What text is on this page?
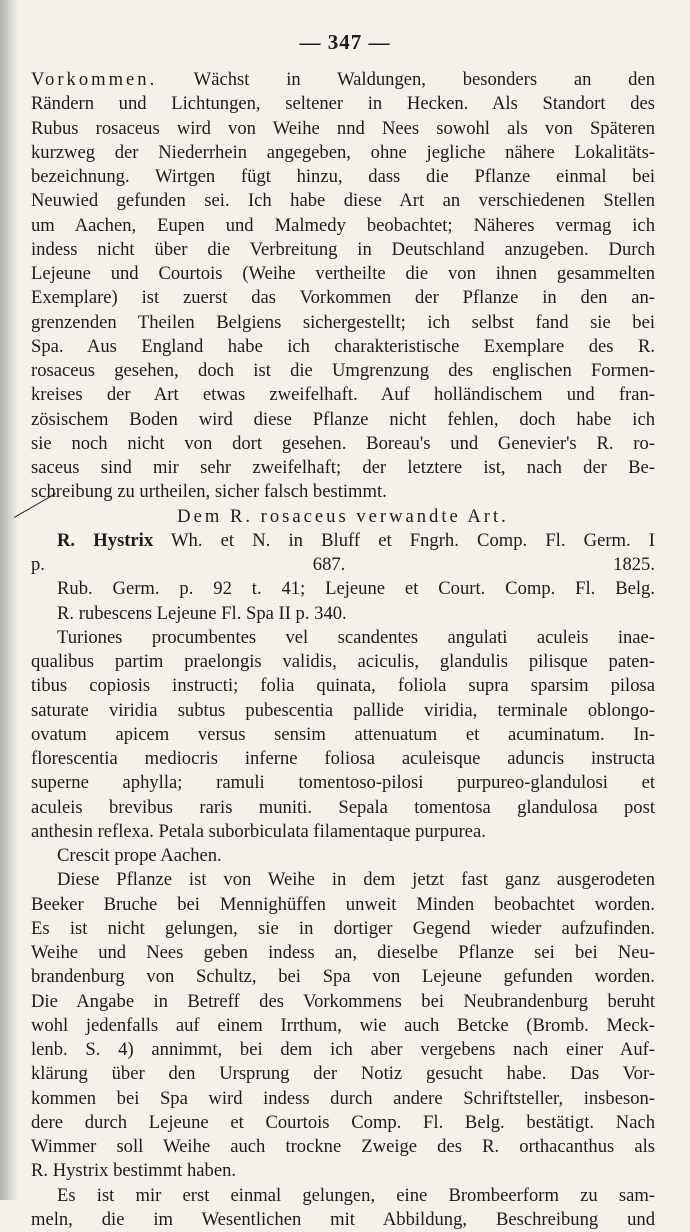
— 347 —
Vorkommen. Wächst in Waldungen, besonders an den
Rändern und Lichtungen, seltener in Hecken. Als Standort des
Rubus rosaceus wird von Weihe nnd Nees sowohl als von Späteren
kurzweg der Niederrhein angegeben, ohne jegliche nähere Lokalitäts-
bezeichnung. Wirtgen fügt hinzu, dass die Pflanze einmal bei
Neuwied gefunden sei. Ich habe diese Art an verschiedenen Stellen
um Aachen, Eupen und Malmedy beobachtet; Näheres vermag ich
indess nicht über die Verbreitung in Deutschland anzugeben. Durch
Lejeune und Courtois (Weihe vertheilte die von ihnen gesammelten
Exemplare) ist zuerst das Vorkommen der Pflanze in den an-
grenzenden Theilen Belgiens sichergestellt; ich selbst fand sie bei
Spa. Aus England habe ich charakteristische Exemplare des R.
rosaceus gesehen, doch ist die Umgrenzung des englischen Formen-
kreises der Art etwas zweifelhaft. Auf holländischem und fran-
zösischem Boden wird diese Pflanze nicht fehlen, doch habe ich
sie noch nicht von dort gesehen. Boreau's und Genevier's R. ro-
saceus sind mir sehr zweifelhaft; der letztere ist, nach der Be-
schreibung zu urtheilen, sicher falsch bestimmt.
Dem R. rosaceus verwandte Art.
R. Hystrix Wh. et N. in Bluff et Fngrh. Comp. Fl. Germ. I
p. 687. 1825.
Rub. Germ. p. 92 t. 41; Lejeune et Court. Comp. Fl. Belg.
R. rubescens Lejeune Fl. Spa II p. 340.
Turiones procumbentes vel scandentes angulati aculeis inae-
qualibus partim praelongis validis, aciculis, glandulis pilisque paten-
tibus copiosis instructi; folia quinata, foliola supra sparsim pilosa
saturate viridia subtus pubescentia pallide viridia, terminale oblongo-
ovatum apicem versus sensim attenuatum et acuminatum. In-
florescentia mediocris inferne foliosa aculeisque aduncis instructa
superne aphylla; ramuli tomentoso-pilosi purpureo-glandulosi et
aculeis brevibus raris muniti. Sepala tomentosa glandulosa post
anthesin reflexa. Petala suborbiculata filamentaque purpurea.
Crescit prope Aachen.
Diese Pflanze ist von Weihe in dem jetzt fast ganz ausgerodeten
Beeker Bruche bei Mennighüffen unweit Minden beobachtet worden.
Es ist nicht gelungen, sie in dortiger Gegend wieder aufzufinden.
Weihe und Nees geben indess an, dieselbe Pflanze sei bei Neu-
brandenburg von Schultz, bei Spa von Lejeune gefunden worden.
Die Angabe in Betreff des Vorkommens bei Neubrandenburg beruht
wohl jedenfalls auf einem Irrthum, wie auch Betcke (Bromb. Meck-
lenb. S. 4) annimmt, bei dem ich aber vergebens nach einer Auf-
klärung über den Ursprung der Notiz gesucht habe. Das Vor-
kommen bei Spa wird indess durch andere Schriftsteller, insbeson-
dere durch Lejeune et Courtois Comp. Fl. Belg. bestätigt. Nach
Wimmer soll Weihe auch trockne Zweige des R. orthacanthus als
R. Hystrix bestimmt haben.
Es ist mir erst einmal gelungen, eine Brombeerform zu sam-
meln, die im Wesentlichen mit Abbildung, Beschreibung und
